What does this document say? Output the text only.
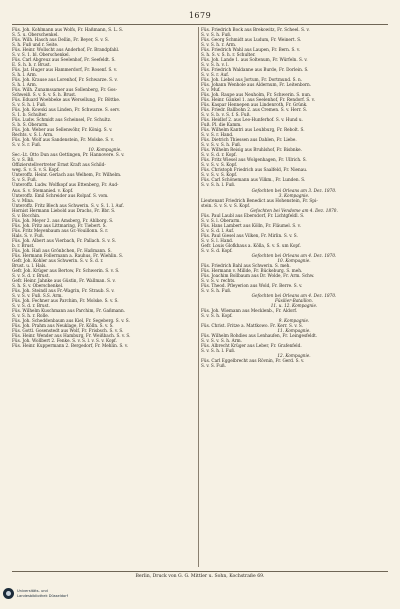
1679
Füs. Joh. Kohlmann aus Wolfs, Fr. Haßmann, S. L. S.
S. 5. u. Oberschenkel.
Füs. Wilh. Hasch aus Dellin, Fr. Beyer, S. v. S.
S. h. Fuß und r. Seite.
Füs. Heinr. Wollscht aus Anderhof, Fr. Brandpfahl.
S. v. S. 1. bl. Oberschenkel.
Füs. Carl Abgreuz aus Seelenhof, Fr. Seefeldt. S.
E. S. h. b. r. Brust.
Füs. Jat. Huger aus Hammerdorf, Fr. Rosenf. S. v.
S. h. l. Arm.
Füs. Joh. Krause aus Lorenhof, Fr. Schwarze. S. v.
S. h. l. Arm.
Füs. Wilh. Zunamssamer aus Sollenberg, Fr. Gos-
Schweiß. S. v. S. v. S. h. Brust.
Füs. Eduard Woebbeke aus Wersellung, Fr. Böttke.
S. v. S. h. l. Fuß.
Füs. Joh. Kowski aus Linden, Fr. Schwarze. S. serv.
S. 1. b. Schulter.
Füs. Ludw. Schmidt aus Scheinsel, Fr. Schultz.
S. b. S. Oberarm.
Füs. Joh. Weber aus Sellenwöhr, Fr. König. S. v.
Rechts. v. S. l. Arm.
Füs. Joh. Wolf aus Sandenstein, Fr. Molske. S. v.
S. v. S. r. Fuß.
10. Kompagnie.
Sec.-Lt. Otto Dun aus Oettingen, Pr. Hannovere. S. v.
S. v. S. Bß.
Offizierstellvertreter Ernst Kraft aus Schild-
weg. S. v. S. v. S. Kopf.
Unteroffz. Heinr. Gerlach aus Welhem, Fr. Wilhelm.
S. v. S. Fuß.
Unteroffz. Ludw. Wolfkopf aus Ettenberg, Fr. Aud-
Aus. S. v. Stemanied. v. Kopf.
Unteroffz. Emil Schreider aus Rolpaf. S. vom.
S. v. Mina.
Unteroffz. Fritz Blech aus Schwerin. S. v. S. 1. l. Auf.
Hornist Hermann Liebold aus Drachs, Fr. Bbr. S.
S. v. Bocchin.
Füs. Joh. Meyer 2. aus Amsberg, Fr. Ahlborg. S.
Füs. Joh. Fritz aus Littmaring, Fr. Tiebert. S.
Füs. Fritz Meyenbaum aus Gr.-Vouillonn. S. r.
Hals. S. v. Fuß.
Füs. Joh. Albert aus Vierbach, Fr. Pallach. S. v. S.
b. r. Brust.
Füs. Joh. Haß aus Grönbchen, Fr. Haßmann. S.
Füs. Hermann Follermann a. Rauhus, Fr. Wiehlin. S.
Gefr. Joh. Kohler aus Schwerin. S. v. S. d. r.
Brust. u. l. Hals.
Gefr. Joh. Krüger aus Bertow, Fr. Schwerin. S. v. S.
S. v. S. d. r. Brust.
Gefr. Heinr. Jahnke aus Güstin, Fr. Wallman. S. v.
S. h. S. v. Oberschenkel.
Füs. Joh. Steindl aus Fr.-Wagrin, Fr. Straub. S. v.
S. v. S. v. Fuß. S.S. Arm.
Füs. Joh. Fechner aus Parchim, Fr. Molske. S. v. S.
S. v. S. d. r. Brust.
Füs. Wilhelm Kuschmann aus Parchim, Fr. Gaßmann.
S. v. S. h. r. Rolle.
Füs. Joh. Scheddenbaum aus Kiel, Fr. Segeberg. S. v. S.
Füs. Joh. Prahm aus Neuklage, Fr. Kölln. S. v. S.
Füs. Gottl. Gosenstedt aus Wolf, Fr. Frisbsch. S. v. S.
Füs. Heinr. Wender aus Hamburg, Fr. Weißbach. S. v. S.
Füs. Joh. Wollbert 2. Fenke. S. v. S. l. v. S. v. Kopf.
Füs. Heinr. Kuppermann 2. Bergedorf, Fr. Mehlin. S. v.
Füs. Friedrich Bock aus Brekowitz, Fr. Scheel. S. v.
S. v. S. h. Fuß.
Füs. Georg Schmidt aus Ludum, Fr. Weinert. S.
S. v. S. h. r. Arm.
Füs. Friedrich Wahl aus Laupen, Fr. Bern. S. v.
S. h. S. v. S. h. r. Schulter.
Füs. Joh. Lande 1. aus Soltenum, Fr. Würfeln. S. v.
S. v. S. h. v. l.
Füs. Friedrich Waldanne aus Burde, Fr. Dorlein. S.
S. v. S. r. Auf.
Füs. Joh. Liebel aus Jortum, Fr. Dortmund. S. n.
Füs. Johann Wenhole aus Aldernum, Fr. Leitenborn.
S. v. Muf.
Füs. Joh. Raupe aus Neuholm, Fr. Schwerin. S. nun.
Füs. Heinr. Gänkel 1. aus Seelenhof, Fr. Rendorf. S. v.
Füs. Kaspar Hennepen aus Lindenroth, Fr. Grünk.
Füs. Friedr. Ballbohn 2. aus Cremen. S. v. Herr. S.
S. v. S. b. v. S. f. S. Fuß.
Füs. Heidlof 2. aus Leo-Hunferhof. S. v. Hund u.
Fuß. Pl. die Kamm.
Füs. Wilhelm Kantri aus Leubburg, Fr. Rebolt. S.
S. v. S. r. Hand.
Füs. Dietrich Thiessen aus Dahlen, Fr. Liebe.
S. v. S. v. S. h. Fuß.
Füs. Wilhelm Reisig aus Bruhlshof, Fr. Bisbnke.
S. v. S. d. r. Kopf.
Füs. Fritz Wiesel aus Wolgenhagen, Fr. Ullrich. S.
S. v. S. v. S. Kopf.
Füs. Christoph Friedrich aus Saalfeld, Fr. Nienau.
S. v. S. v. S. Kopf.
Füs. Carl Schönemann aus Vilkm., Fr. Lunden. S.
S. v. S. h. l. Fuß.
Gefochten bei Orleans am 3. Dez. 1870.
3. Kompagnie.
Lieutenant Friedrich Benedict aus Hohenstein, Fr. Spi-
stein. S. v. S. v. S. Kopf.
Gefochten bei Vendome am 4. Dez. 1870.
Füs. Paul Laubl aus Ebersdorf, Fr. Lichtgfeldl. S.
S. v. S. l. Oberarm.
Füs. Hans Lambert aus Kölln, Fr. Fläumel. S. v.
S. v. S. d. l. Auf.
Füs. Paul Giesel aus Vilken, Fr. Mirlin. S. v. S.
S. v. S. l. Hand.
Gefr. Louis Glofkhaus a. Kölla, S. v. S. um Kopf.
S. v. S. d. Kopf.
Gefochten bei Orleans am 4. Dez. 1870.
10. Kompagnie.
Füs. Friedrich Bahl aus Schwerin. S. meh.
Füs. Hermann v. Millde, Fr. Bückeburg. S. meh.
Füs. Joachim Bollbaum aus Dr. Wolde, Fr. Arm. Schw.
S. v. S. v. rechts.
Füs. Theod. Pfleyerion aus Wold, Fr. Berre. S. v.
S. v. S. h. Fuß.
Gefochten bei Orleans am 4. Dez. 1870.
Füsilier-Bataillon.
11. u. 12. Kompagnie.
Füs. Joh. Wiemann aus Mecklenb., Fr. Aldorf.
S. v. S. h. Kopf.
9. Kompagnie.
Füs. Christ. Fritze a. Mattkowo. Fr. Kerr. S. v. S.
11. Kompagnie.
Füs. Wilhelm Rohdies aus Lenhaufen, Fr. Leingesfeldt.
S. v. S. v. S. h. Arm.
Füs. Albrecht Krüger aus Leber, Fr. Grafenfeld.
S. v. S. h. l. Fuß.
12. Kompagnie.
Füs. Carl Eggelbrecht aus Rövnin, Fr. Gerd. S. v.
S. v. S. Fuß.
Berlin, Druck von G. G. Mittler u. Sohn, Kochstraße 69.
Universitäts- und
Landesbibliothek Düsseldorf
